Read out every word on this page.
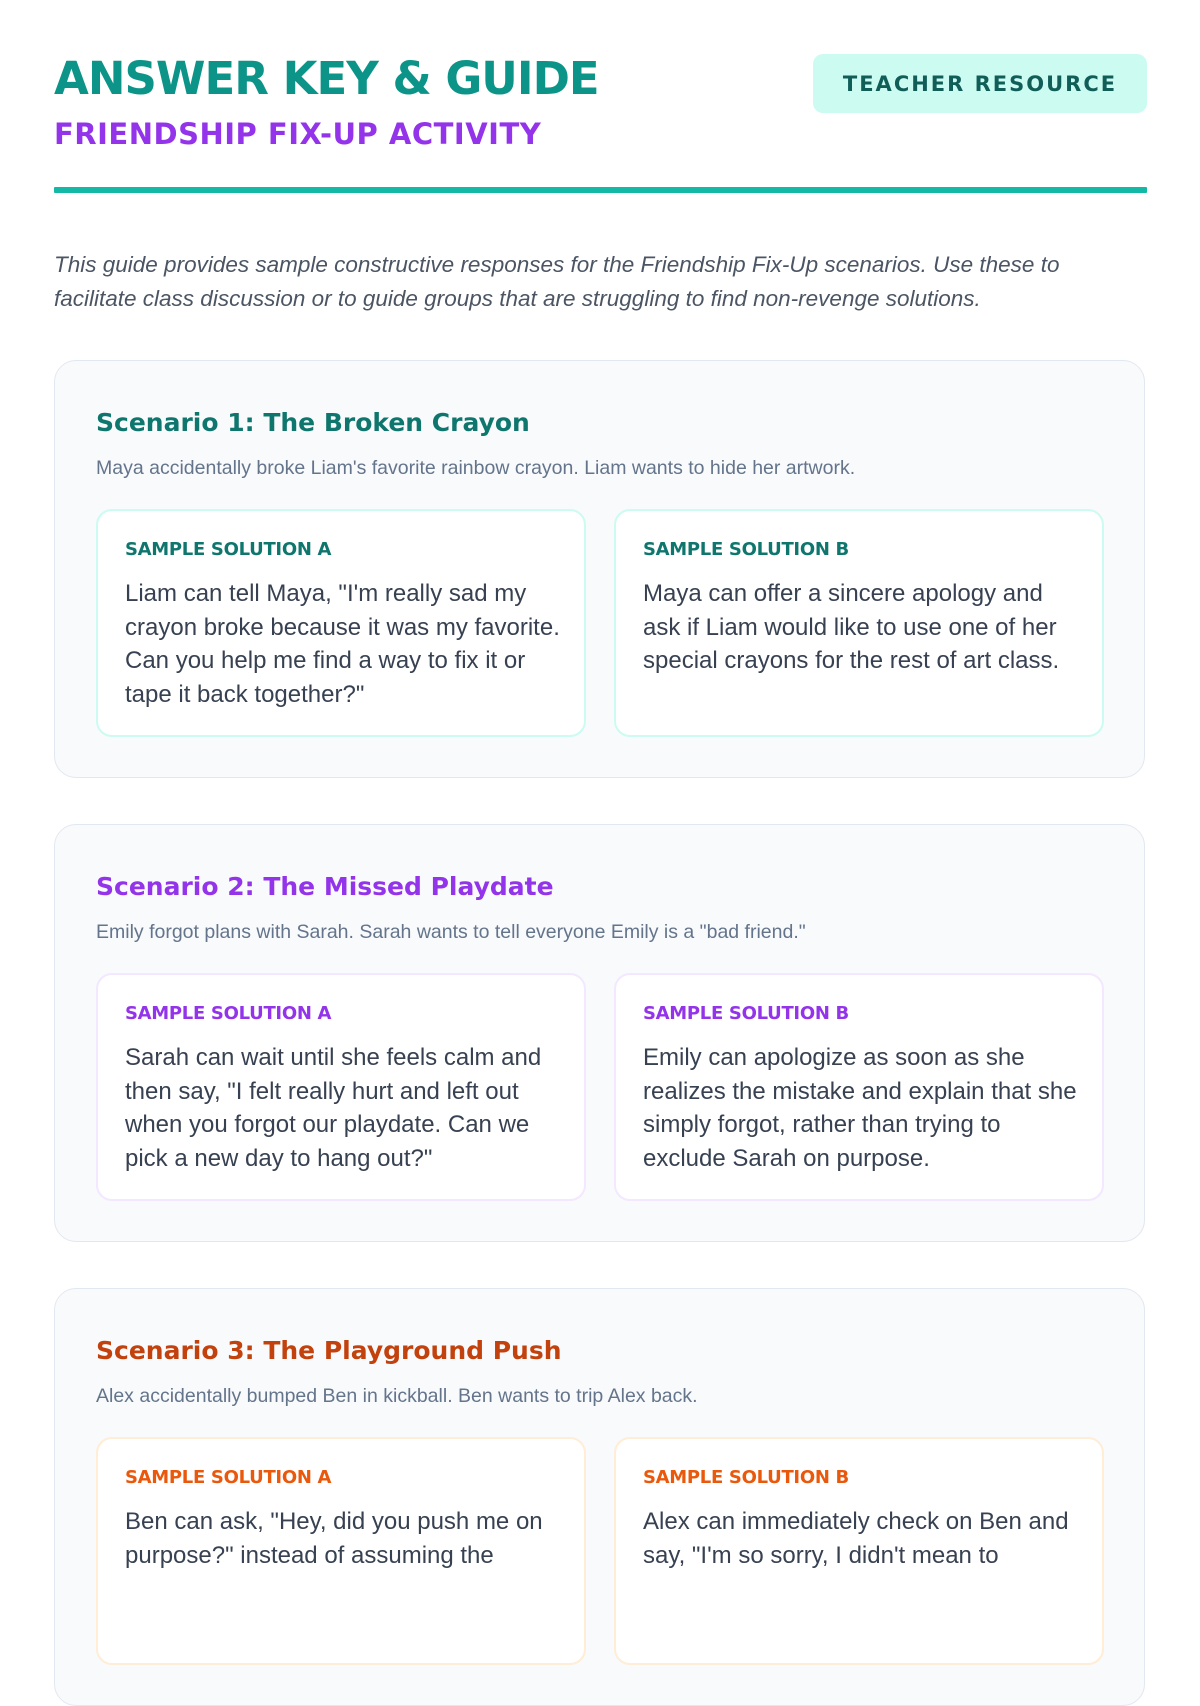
ANSWER KEY & GUIDE
FRIENDSHIP FIX-UP ACTIVITY
TEACHER RESOURCE

This guide provides sample constructive responses for the Friendship Fix-Up scenarios. Use these to facilitate class discussion or to guide groups that are struggling to find non-revenge solutions.

Scenario 1: The Broken Crayon

Maya accidentally broke Liam's favorite rainbow crayon. Liam wants to hide her artwork.

SAMPLE SOLUTION A

Liam can tell Maya, "I'm really sad my crayon broke because it was my favorite. Can you help me find a way to fix it or tape it back together?"

SAMPLE SOLUTION B

Maya can offer a sincere apology and ask if Liam would like to use one of her special crayons for the rest of art class.

Scenario 2: The Missed Playdate

Emily forgot plans with Sarah. Sarah wants to tell everyone Emily is a "bad friend."

SAMPLE SOLUTION A

Sarah can wait until she feels calm and then say, "I felt really hurt and left out when you forgot our playdate. Can we pick a new day to hang out?"

SAMPLE SOLUTION B

Emily can apologize as soon as she realizes the mistake and explain that she simply forgot, rather than trying to exclude Sarah on purpose.

Scenario 3: The Playground Push

Alex accidentally bumped Ben in kickball. Ben wants to trip Alex back.

SAMPLE SOLUTION A

Ben can ask, "Hey, did you push me on purpose?" instead of assuming the

SAMPLE SOLUTION B

Alex can immediately check on Ben and say, "I'm so sorry, I didn't mean to
